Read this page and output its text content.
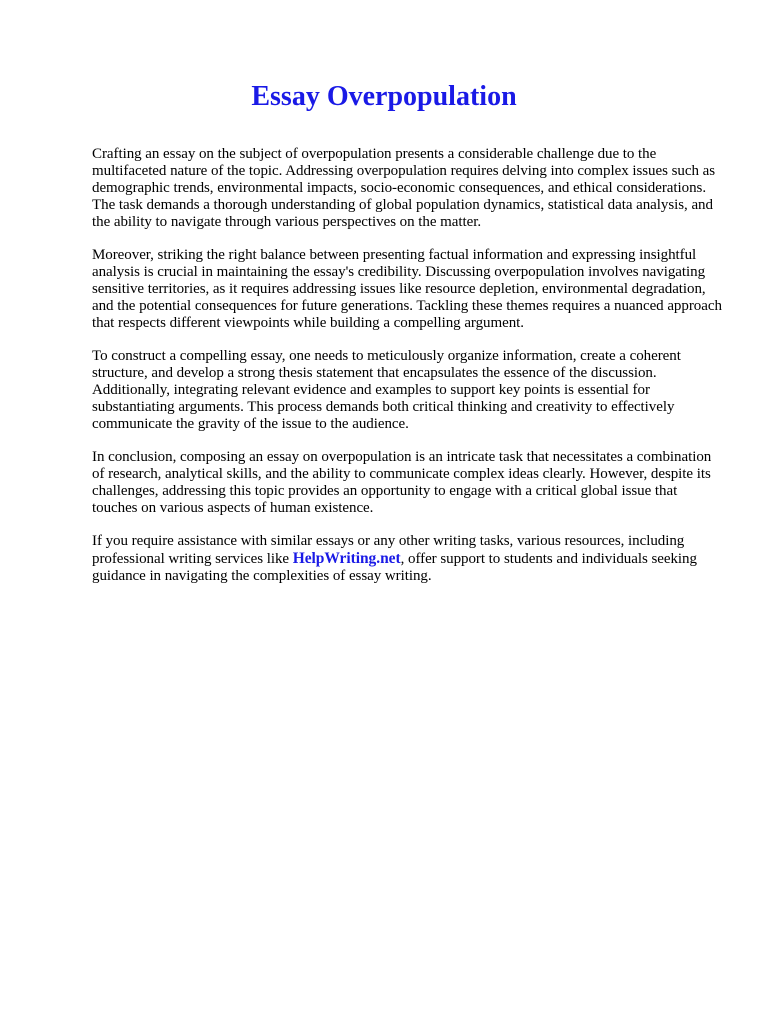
Essay Overpopulation

Crafting an essay on the subject of overpopulation presents a considerable challenge due to the multifaceted nature of the topic. Addressing overpopulation requires delving into complex issues such as demographic trends, environmental impacts, socio-economic consequences, and ethical considerations. The task demands a thorough understanding of global population dynamics, statistical data analysis, and the ability to navigate through various perspectives on the matter.

Moreover, striking the right balance between presenting factual information and expressing insightful analysis is crucial in maintaining the essay's credibility. Discussing overpopulation involves navigating sensitive territories, as it requires addressing issues like resource depletion, environmental degradation, and the potential consequences for future generations. Tackling these themes requires a nuanced approach that respects different viewpoints while building a compelling argument.

To construct a compelling essay, one needs to meticulously organize information, create a coherent structure, and develop a strong thesis statement that encapsulates the essence of the discussion. Additionally, integrating relevant evidence and examples to support key points is essential for substantiating arguments. This process demands both critical thinking and creativity to effectively communicate the gravity of the issue to the audience.

In conclusion, composing an essay on overpopulation is an intricate task that necessitates a combination of research, analytical skills, and the ability to communicate complex ideas clearly. However, despite its challenges, addressing this topic provides an opportunity to engage with a critical global issue that touches on various aspects of human existence.

If you require assistance with similar essays or any other writing tasks, various resources, including professional writing services like HelpWriting.net, offer support to students and individuals seeking guidance in navigating the complexities of essay writing.
